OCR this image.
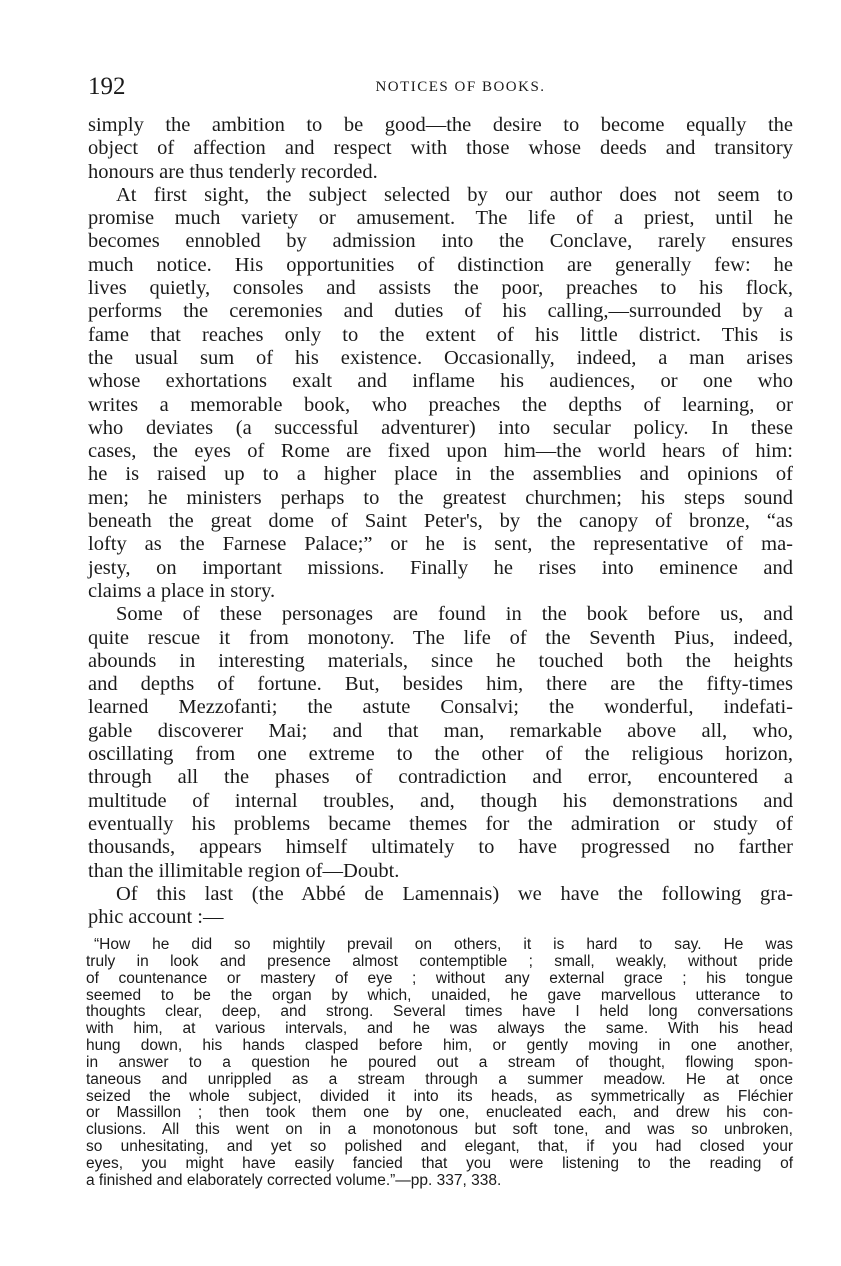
192	NOTICES OF BOOKS.
simply the ambition to be good—the desire to become equally the
object of affection and respect with those whose deeds and transitory
honours are thus tenderly recorded.
At first sight, the subject selected by our author does not seem to
promise much variety or amusement. The life of a priest, until he
becomes ennobled by admission into the Conclave, rarely ensures
much notice. His opportunities of distinction are generally few: he
lives quietly, consoles and assists the poor, preaches to his flock,
performs the ceremonies and duties of his calling,—surrounded by a
fame that reaches only to the extent of his little district. This is
the usual sum of his existence. Occasionally, indeed, a man arises
whose exhortations exalt and inflame his audiences, or one who
writes a memorable book, who preaches the depths of learning, or
who deviates (a successful adventurer) into secular policy. In these
cases, the eyes of Rome are fixed upon him—the world hears of him:
he is raised up to a higher place in the assemblies and opinions of
men; he ministers perhaps to the greatest churchmen; his steps sound
beneath the great dome of Saint Peter's, by the canopy of bronze, “as
lofty as the Farnese Palace;” or he is sent, the representative of ma-
jesty, on important missions. Finally he rises into eminence and
claims a place in story.
Some of these personages are found in the book before us, and
quite rescue it from monotony. The life of the Seventh Pius, indeed,
abounds in interesting materials, since he touched both the heights
and depths of fortune. But, besides him, there are the fifty-times
learned Mezzofanti; the astute Consalvi; the wonderful, indefati-
gable discoverer Mai; and that man, remarkable above all, who,
oscillating from one extreme to the other of the religious horizon,
through all the phases of contradiction and error, encountered a
multitude of internal troubles, and, though his demonstrations and
eventually his problems became themes for the admiration or study of
thousands, appears himself ultimately to have progressed no farther
than the illimitable region of—Doubt.
Of this last (the Abbé de Lamennais) we have the following gra-
phic account :—
“How he did so mightily prevail on others, it is hard to say. He was
truly in look and presence almost contemptible ; small, weakly, without pride
of countenance or mastery of eye ; without any external grace ; his tongue
seemed to be the organ by which, unaided, he gave marvellous utterance to
thoughts clear, deep, and strong. Several times have I held long conversations
with him, at various intervals, and he was always the same. With his head
hung down, his hands clasped before him, or gently moving in one another,
in answer to a question he poured out a stream of thought, flowing spon-
taneous and unrippled as a stream through a summer meadow. He at once
seized the whole subject, divided it into its heads, as symmetrically as Fléchier
or Massillon ; then took them one by one, enucleated each, and drew his con-
clusions. All this went on in a monotonous but soft tone, and was so unbroken,
so unhesitating, and yet so polished and elegant, that, if you had closed your
eyes, you might have easily fancied that you were listening to the reading of
a finished and elaborately corrected volume.”—pp. 337, 338.
